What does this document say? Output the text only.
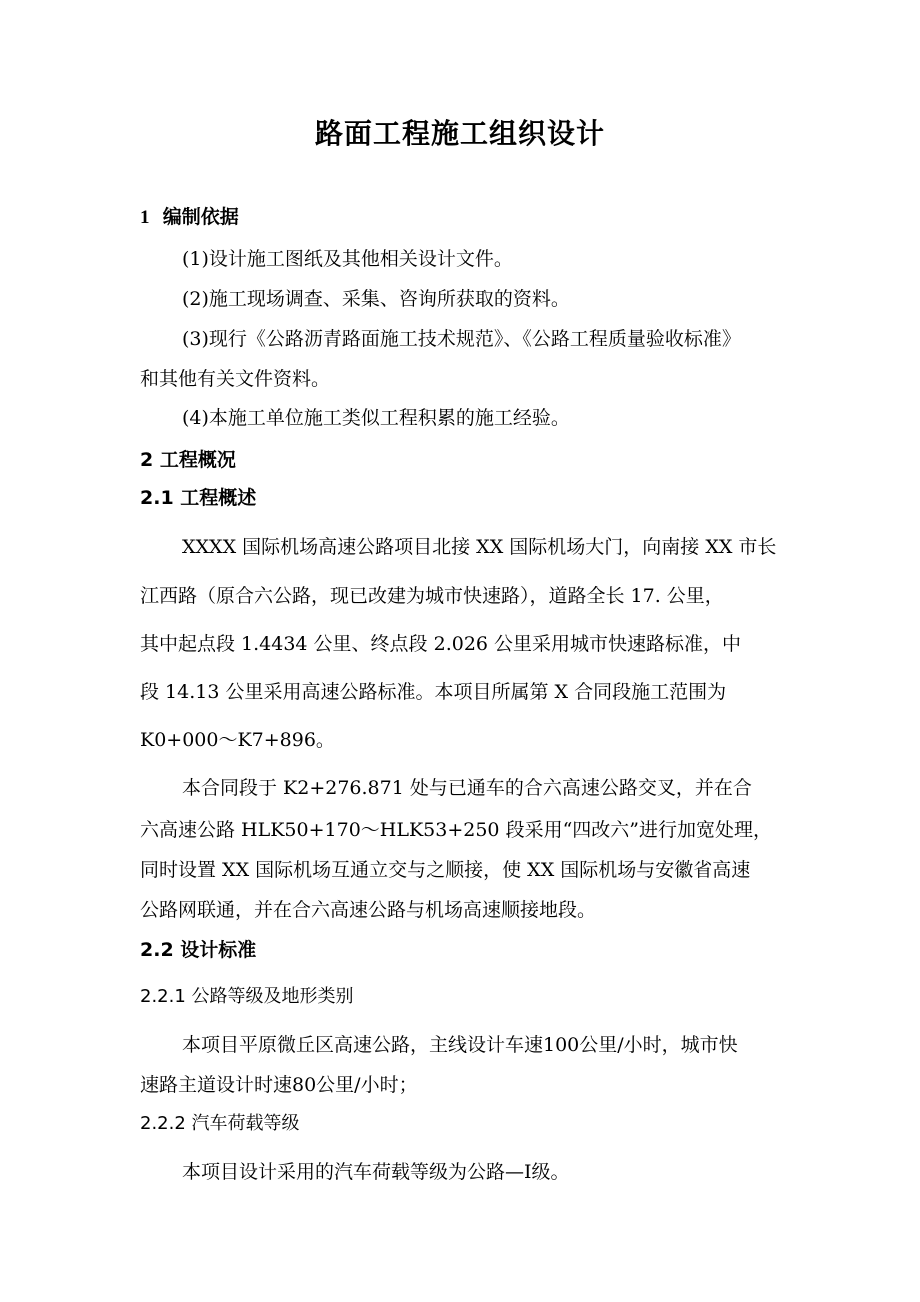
路面工程施工组织设计
1 编制依据
(1)设计施工图纸及其他相关设计文件。
(2)施工现场调查、采集、咨询所获取的资料。
(3)现行《公路沥青路面施工技术规范》、《公路工程质量验收标准》
和其他有关文件资料。
(4)本施工单位施工类似工程积累的施工经验。
2 工程概况
2.1 工程概述
XXXX 国际机场高速公路项目北接 XX 国际机场大门，向南接 XX 市长
江西路（原合六公路，现已改建为城市快速路），道路全长 17. 公里，
其中起点段 1.4434 公里、终点段 2.026 公里采用城市快速路标准，中
段 14.13 公里采用高速公路标准。本项目所属第 X 合同段施工范围为
K0+000～K7+896。
本合同段于 K2+276.871 处与已通车的合六高速公路交叉，并在合
六高速公路 HLK50+170～HLK53+250 段采用“四改六”进行加宽处理，
同时设置 XX 国际机场互通立交与之顺接，使 XX 国际机场与安徽省高速
公路网联通，并在合六高速公路与机场高速顺接地段。
2.2 设计标准
2.2.1 公路等级及地形类别
本项目平原微丘区高速公路，主线设计车速100公里/小时，城市快
速路主道设计时速80公里/小时；
2.2.2 汽车荷载等级
本项目设计采用的汽车荷载等级为公路—I级。
